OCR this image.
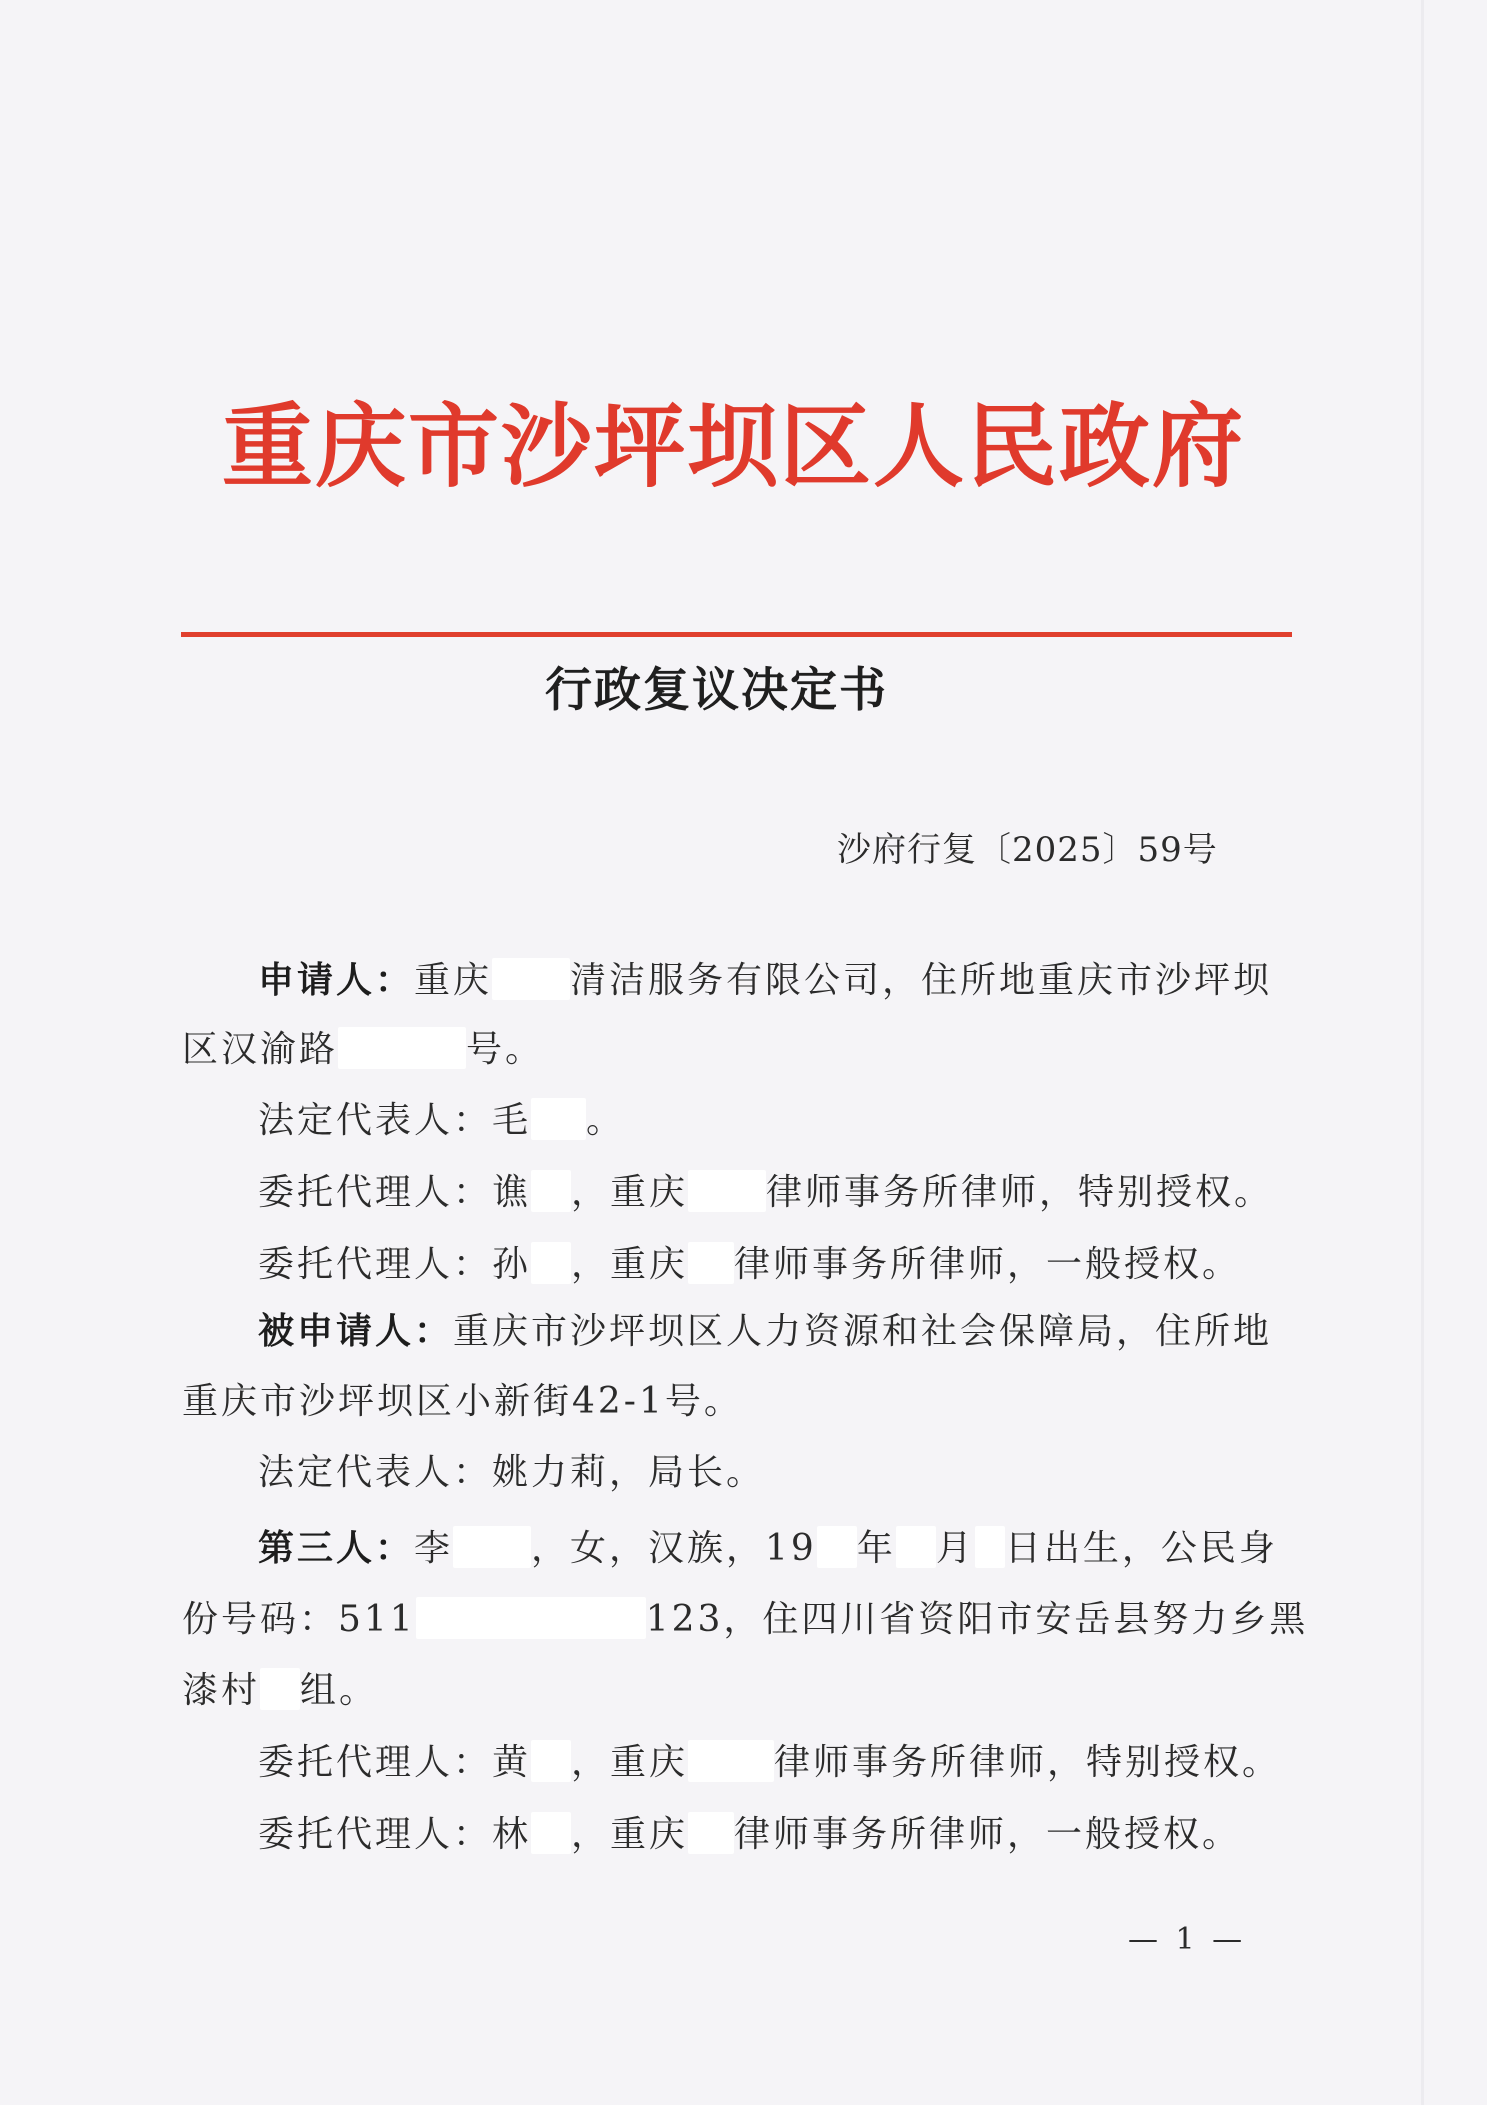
重庆市沙坪坝区人民政府
行政复议决定书
沙府行复〔2025〕59号
申请人：重庆 清洁服务有限公司，住所地重庆市沙坪坝
区汉渝路	号。
法定代表人：毛 。
委托代理人：谯 ，重庆 律师事务所律师，特别授权。
委托代理人：孙 ，重庆 律师事务所律师，一般授权。
被申请人：重庆市沙坪坝区人力资源和社会保障局，住所地
重庆市沙坪坝区小新街42-1号。
法定代表人：姚力莉，局长。
第三人：李 ，女，汉族，19 年 月 日出生，公民身
份号码：511	123，住四川省资阳市安岳县努力乡黑
漆村 组。
委托代理人：黄 ，重庆 律师事务所律师，特别授权。
委托代理人：林 ，重庆 律师事务所律师，一般授权。
— 1 —
